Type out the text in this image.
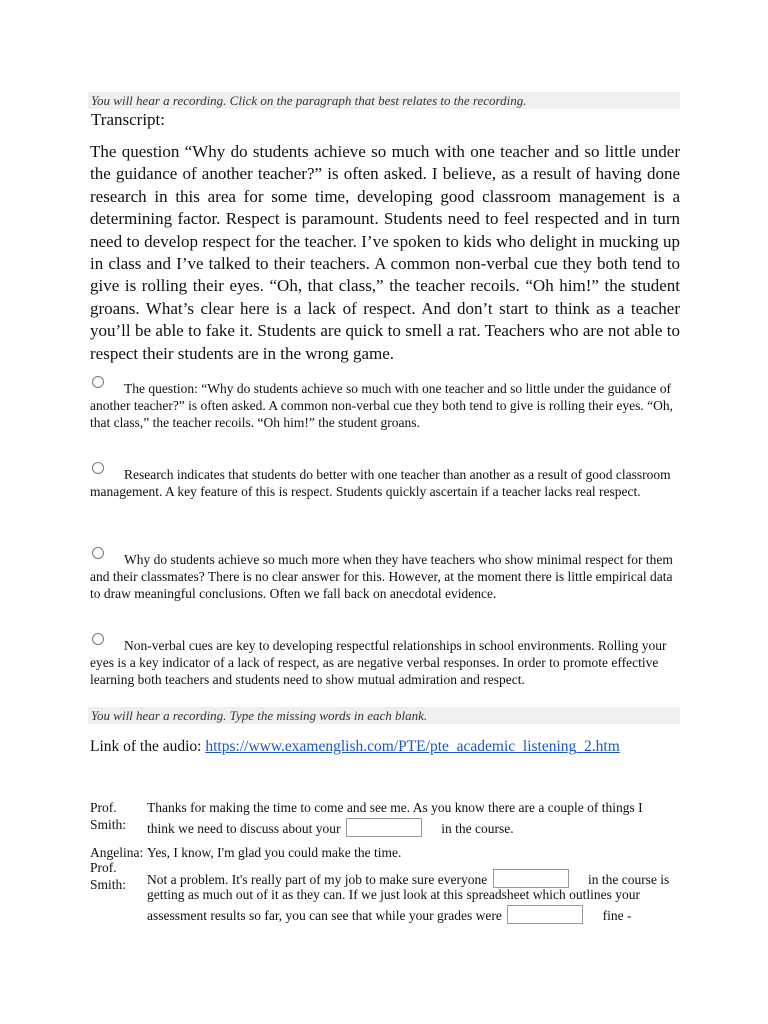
You will hear a recording. Click on the paragraph that best relates to the recording.
Transcript:

The question “Why do students achieve so much with one teacher and so little under the guidance of another teacher?” is often asked. I believe, as a result of having done research in this area for some time, developing good classroom management is a determining factor. Respect is paramount. Students need to feel respected and in turn need to develop respect for the teacher. I’ve spoken to kids who delight in mucking up in class and I’ve talked to their teachers. A common non-verbal cue they both tend to give is rolling their eyes. “Oh, that class,” the teacher recoils. “Oh him!” the student groans. What’s clear here is a lack of respect. And don’t start to think as a teacher you’ll be able to fake it. Students are quick to smell a rat. Teachers who are not able to respect their students are in the wrong game.

The question: “Why do students achieve so much with one teacher and so little under the guidance of another teacher?” is often asked. A common non-verbal cue they both tend to give is rolling their eyes. “Oh, that class,” the teacher recoils. “Oh him!” the student groans.
Research indicates that students do better with one teacher than another as a result of good classroom management. A key feature of this is respect. Students quickly ascertain if a teacher lacks real respect.
Why do students achieve so much more when they have teachers who show minimal respect for them and their classmates? There is no clear answer for this. However, at the moment there is little empirical data to draw meaningful conclusions. Often we fall back on anecdotal evidence.
Non-verbal cues are key to developing respectful relationships in school environments. Rolling your eyes is a key indicator of a lack of respect, as are negative verbal responses. In order to promote effective learning both teachers and students need to show mutual admiration and respect.
You will hear a recording. Type the missing words in each blank.
Link of the audio: https://www.examenglish.com/PTE/pte_academic_listening_2.htm
Prof.
Smith:
Thanks for making the time to come and see me. As you know there are a couple of things I
think we need to discuss about your	in the course.
Angelina: Yes, I know, I'm glad you could make the time.
Prof.
Smith:	Not a problem. It's really part of my job to make sure everyone	in the course is
getting as much out of it as they can. If we just look at this spreadsheet which outlines your
assessment results so far, you can see that while your grades were	fine -
